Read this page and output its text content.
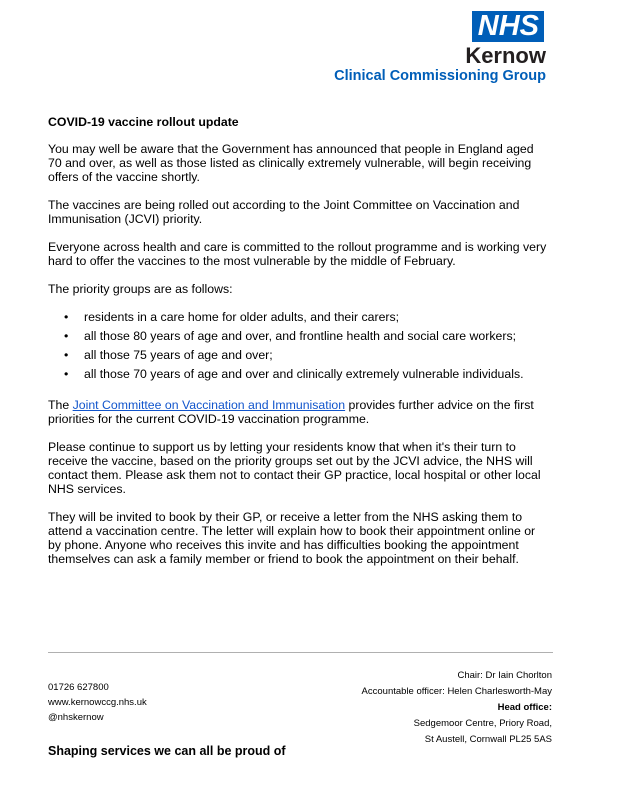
NHS
Kernow
Clinical Commissioning Group
COVID-19 vaccine rollout update

You may well be aware that the Government has announced that people in England aged 70 and over, as well as those listed as clinically extremely vulnerable, will begin receiving offers of the vaccine shortly.

The vaccines are being rolled out according to the Joint Committee on Vaccination and Immunisation (JCVI) priority.

Everyone across health and care is committed to the rollout programme and is working very hard to offer the vaccines to the most vulnerable by the middle of February.

The priority groups are as follows:

• residents in a care home for older adults, and their carers;
• all those 80 years of age and over, and frontline health and social care workers;
• all those 75 years of age and over;
• all those 70 years of age and over and clinically extremely vulnerable individuals.

The Joint Committee on Vaccination and Immunisation provides further advice on the first priorities for the current COVID-19 vaccination programme.

Please continue to support us by letting your residents know that when it's their turn to receive the vaccine, based on the priority groups set out by the JCVI advice, the NHS will contact them. Please ask them not to contact their GP practice, local hospital or other local NHS services.

They will be invited to book by their GP, or receive a letter from the NHS asking them to attend a vaccination centre. The letter will explain how to book their appointment online or by phone. Anyone who receives this invite and has difficulties booking the appointment themselves can ask a family member or friend to book the appointment on their behalf.

01726 627800
www.kernowccg.nhs.uk
@nhskernow
Chair: Dr Iain Chorlton
Accountable officer: Helen Charlesworth-May
Head office:
Sedgemoor Centre, Priory Road,
St Austell, Cornwall PL25 5AS
Shaping services we can all be proud of
